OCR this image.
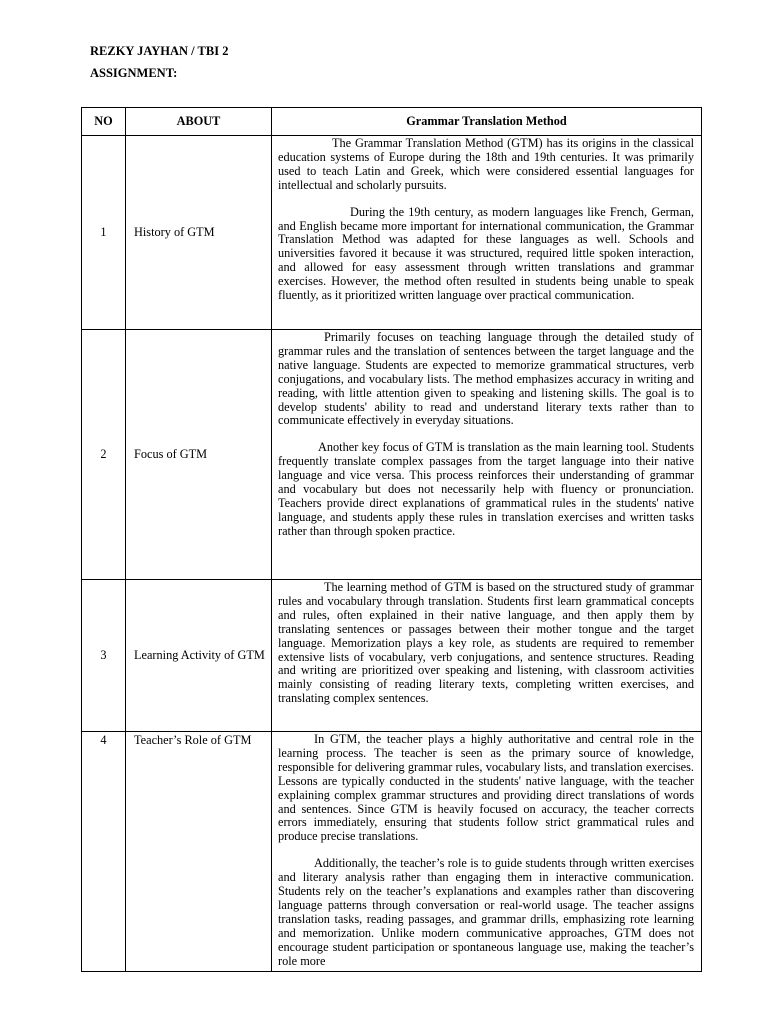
REZKY JAYHAN / TBI 2
ASSIGNMENT:
NO	ABOUT	Grammar Translation Method
1	History of GTM	The Grammar Translation Method (GTM) has its origins in the classical education systems of Europe during the 18th and 19th centuries. It was primarily used to teach Latin and Greek, which were considered essential languages for intellectual and scholarly pursuits.

During the 19th century, as modern languages like French, German, and English became more important for international communication, the Grammar Translation Method was adapted for these languages as well. Schools and universities favored it because it was structured, required little spoken interaction, and allowed for easy assessment through written translations and grammar exercises. However, the method often resulted in students being unable to speak fluently, as it prioritized written language over practical communication.

2	Focus of GTM	Primarily focuses on teaching language through the detailed study of grammar rules and the translation of sentences between the target language and the native language. Students are expected to memorize grammatical structures, verb conjugations, and vocabulary lists. The method emphasizes accuracy in writing and reading, with little attention given to speaking and listening skills. The goal is to develop students' ability to read and understand literary texts rather than to communicate effectively in everyday situations.

Another key focus of GTM is translation as the main learning tool. Students frequently translate complex passages from the target language into their native language and vice versa. This process reinforces their understanding of grammar and vocabulary but does not necessarily help with fluency or pronunciation. Teachers provide direct explanations of grammatical rules in the students' native language, and students apply these rules in translation exercises and written tasks rather than through spoken practice.

3	Learning Activity of GTM	The learning method of GTM is based on the structured study of grammar rules and vocabulary through translation. Students first learn grammatical concepts and rules, often explained in their native language, and then apply them by translating sentences or passages between their mother tongue and the target language. Memorization plays a key role, as students are required to remember extensive lists of vocabulary, verb conjugations, and sentence structures. Reading and writing are prioritized over speaking and listening, with classroom activities mainly consisting of reading literary texts, completing written exercises, and translating complex sentences.

4	Teacher’s Role of GTM	In GTM, the teacher plays a highly authoritative and central role in the learning process. The teacher is seen as the primary source of knowledge, responsible for delivering grammar rules, vocabulary lists, and translation exercises. Lessons are typically conducted in the students' native language, with the teacher explaining complex grammar structures and providing direct translations of words and sentences. Since GTM is heavily focused on accuracy, the teacher corrects errors immediately, ensuring that students follow strict grammatical rules and produce precise translations.

Additionally, the teacher’s role is to guide students through written exercises and literary analysis rather than engaging them in interactive communication. Students rely on the teacher’s explanations and examples rather than discovering language patterns through conversation or real-world usage. The teacher assigns translation tasks, reading passages, and grammar drills, emphasizing rote learning and memorization. Unlike modern communicative approaches, GTM does not encourage student participation or spontaneous language use, making the teacher’s role more
